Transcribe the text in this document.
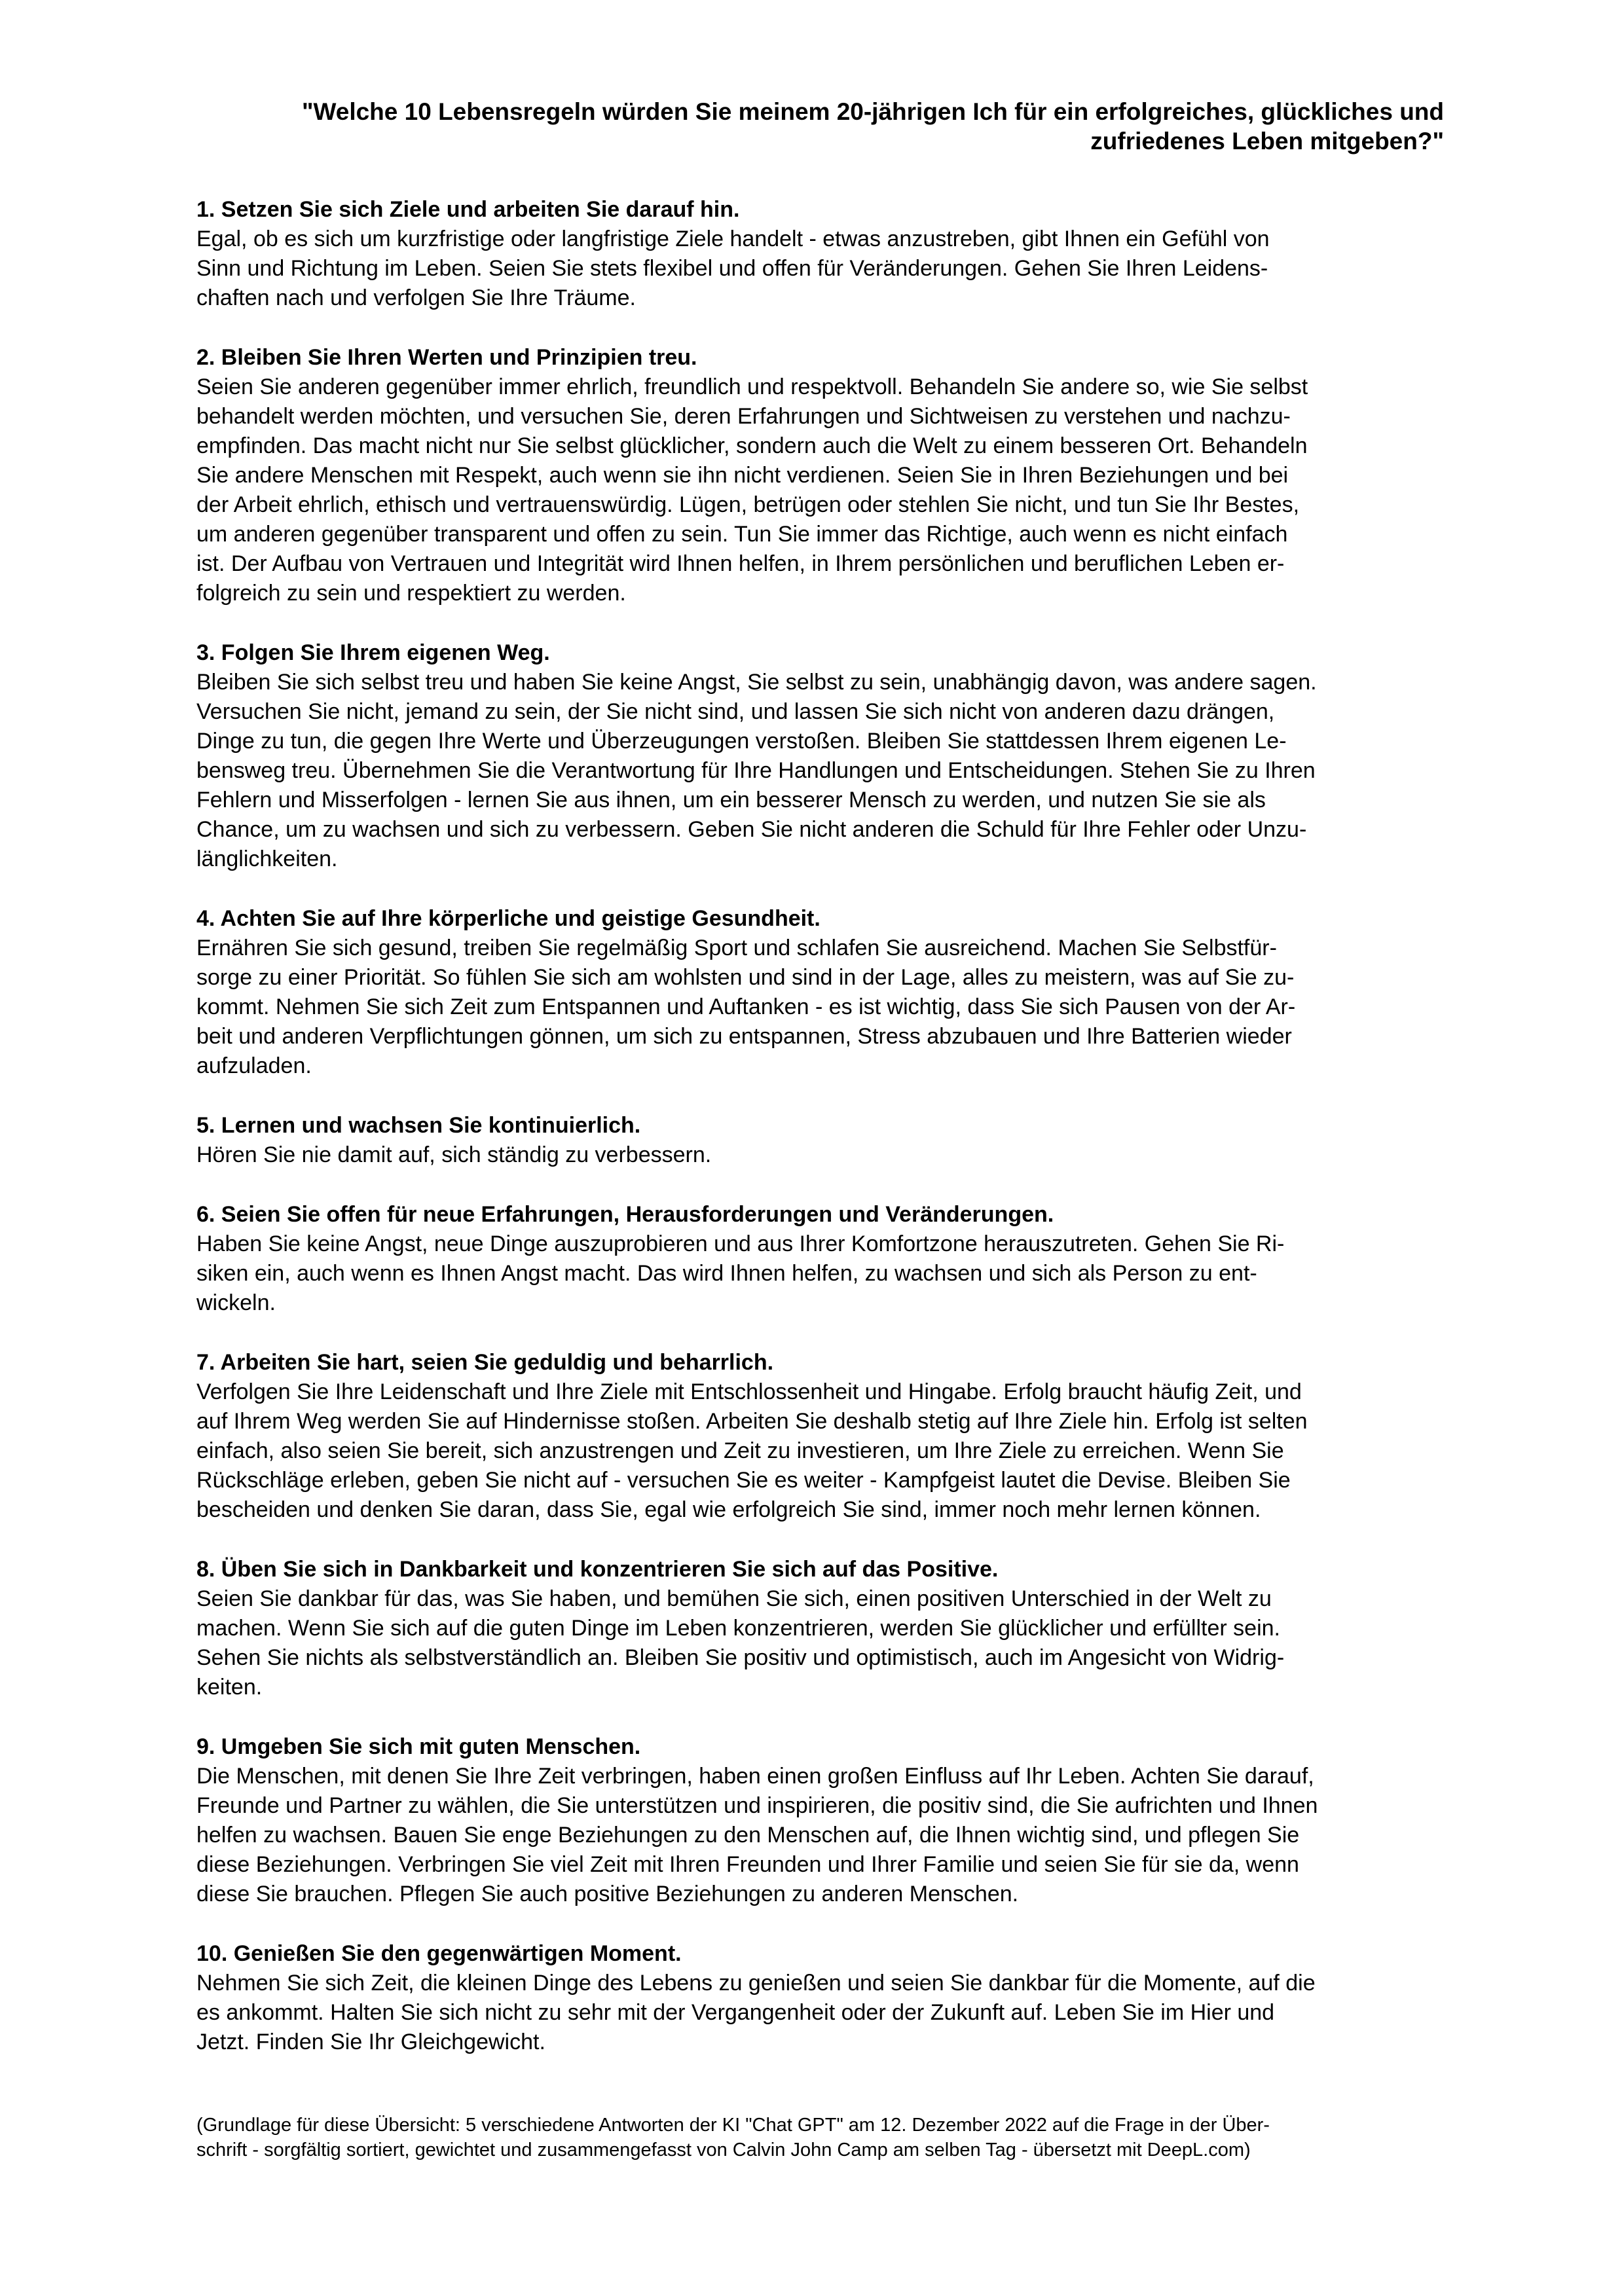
"Welche 10 Lebensregeln würden Sie meinem 20-jährigen Ich für ein erfolgreiches, glückliches und
zufriedenes Leben mitgeben?"
1. Setzen Sie sich Ziele und arbeiten Sie darauf hin.

Egal, ob es sich um kurzfristige oder langfristige Ziele handelt - etwas anzustreben, gibt Ihnen ein Gefühl von
Sinn und Richtung im Leben. Seien Sie stets flexibel und offen für Veränderungen. Gehen Sie Ihren Leidens-
chaften nach und verfolgen Sie Ihre Träume.

2. Bleiben Sie Ihren Werten und Prinzipien treu.

Seien Sie anderen gegenüber immer ehrlich, freundlich und respektvoll. Behandeln Sie andere so, wie Sie selbst
behandelt werden möchten, und versuchen Sie, deren Erfahrungen und Sichtweisen zu verstehen und nachzu-
empfinden. Das macht nicht nur Sie selbst glücklicher, sondern auch die Welt zu einem besseren Ort. Behandeln
Sie andere Menschen mit Respekt, auch wenn sie ihn nicht verdienen. Seien Sie in Ihren Beziehungen und bei
der Arbeit ehrlich, ethisch und vertrauenswürdig. Lügen, betrügen oder stehlen Sie nicht, und tun Sie Ihr Bestes,
um anderen gegenüber transparent und offen zu sein. Tun Sie immer das Richtige, auch wenn es nicht einfach
ist. Der Aufbau von Vertrauen und Integrität wird Ihnen helfen, in Ihrem persönlichen und beruflichen Leben er-
folgreich zu sein und respektiert zu werden.

3. Folgen Sie Ihrem eigenen Weg.

Bleiben Sie sich selbst treu und haben Sie keine Angst, Sie selbst zu sein, unabhängig davon, was andere sagen.
Versuchen Sie nicht, jemand zu sein, der Sie nicht sind, und lassen Sie sich nicht von anderen dazu drängen,
Dinge zu tun, die gegen Ihre Werte und Überzeugungen verstoßen. Bleiben Sie stattdessen Ihrem eigenen Le-
bensweg treu. Übernehmen Sie die Verantwortung für Ihre Handlungen und Entscheidungen. Stehen Sie zu Ihren
Fehlern und Misserfolgen - lernen Sie aus ihnen, um ein besserer Mensch zu werden, und nutzen Sie sie als
Chance, um zu wachsen und sich zu verbessern. Geben Sie nicht anderen die Schuld für Ihre Fehler oder Unzu-
länglichkeiten.

4. Achten Sie auf Ihre körperliche und geistige Gesundheit.

Ernähren Sie sich gesund, treiben Sie regelmäßig Sport und schlafen Sie ausreichend. Machen Sie Selbstfür-
sorge zu einer Priorität. So fühlen Sie sich am wohlsten und sind in der Lage, alles zu meistern, was auf Sie zu-
kommt. Nehmen Sie sich Zeit zum Entspannen und Auftanken - es ist wichtig, dass Sie sich Pausen von der Ar-
beit und anderen Verpflichtungen gönnen, um sich zu entspannen, Stress abzubauen und Ihre Batterien wieder
aufzuladen.

5. Lernen und wachsen Sie kontinuierlich.

Hören Sie nie damit auf, sich ständig zu verbessern.

6. Seien Sie offen für neue Erfahrungen, Herausforderungen und Veränderungen.

Haben Sie keine Angst, neue Dinge auszuprobieren und aus Ihrer Komfortzone herauszutreten. Gehen Sie Ri-
siken ein, auch wenn es Ihnen Angst macht. Das wird Ihnen helfen, zu wachsen und sich als Person zu ent-
wickeln.

7. Arbeiten Sie hart, seien Sie geduldig und beharrlich.

Verfolgen Sie Ihre Leidenschaft und Ihre Ziele mit Entschlossenheit und Hingabe. Erfolg braucht häufig Zeit, und
auf Ihrem Weg werden Sie auf Hindernisse stoßen. Arbeiten Sie deshalb stetig auf Ihre Ziele hin. Erfolg ist selten
einfach, also seien Sie bereit, sich anzustrengen und Zeit zu investieren, um Ihre Ziele zu erreichen. Wenn Sie
Rückschläge erleben, geben Sie nicht auf - versuchen Sie es weiter - Kampfgeist lautet die Devise. Bleiben Sie
bescheiden und denken Sie daran, dass Sie, egal wie erfolgreich Sie sind, immer noch mehr lernen können.

8. Üben Sie sich in Dankbarkeit und konzentrieren Sie sich auf das Positive.

Seien Sie dankbar für das, was Sie haben, und bemühen Sie sich, einen positiven Unterschied in der Welt zu
machen. Wenn Sie sich auf die guten Dinge im Leben konzentrieren, werden Sie glücklicher und erfüllter sein.
Sehen Sie nichts als selbstverständlich an. Bleiben Sie positiv und optimistisch, auch im Angesicht von Widrig-
keiten.

9. Umgeben Sie sich mit guten Menschen.

Die Menschen, mit denen Sie Ihre Zeit verbringen, haben einen großen Einfluss auf Ihr Leben. Achten Sie darauf,
Freunde und Partner zu wählen, die Sie unterstützen und inspirieren, die positiv sind, die Sie aufrichten und Ihnen
helfen zu wachsen. Bauen Sie enge Beziehungen zu den Menschen auf, die Ihnen wichtig sind, und pflegen Sie
diese Beziehungen. Verbringen Sie viel Zeit mit Ihren Freunden und Ihrer Familie und seien Sie für sie da, wenn
diese Sie brauchen. Pflegen Sie auch positive Beziehungen zu anderen Menschen.

10. Genießen Sie den gegenwärtigen Moment.

Nehmen Sie sich Zeit, die kleinen Dinge des Lebens zu genießen und seien Sie dankbar für die Momente, auf die
es ankommt. Halten Sie sich nicht zu sehr mit der Vergangenheit oder der Zukunft auf. Leben Sie im Hier und
Jetzt. Finden Sie Ihr Gleichgewicht.

(Grundlage für diese Übersicht: 5 verschiedene Antworten der KI "Chat GPT" am 12. Dezember 2022 auf die Frage in der Über-
schrift - sorgfältig sortiert, gewichtet und zusammengefasst von Calvin John Camp am selben Tag - übersetzt mit DeepL.com)
